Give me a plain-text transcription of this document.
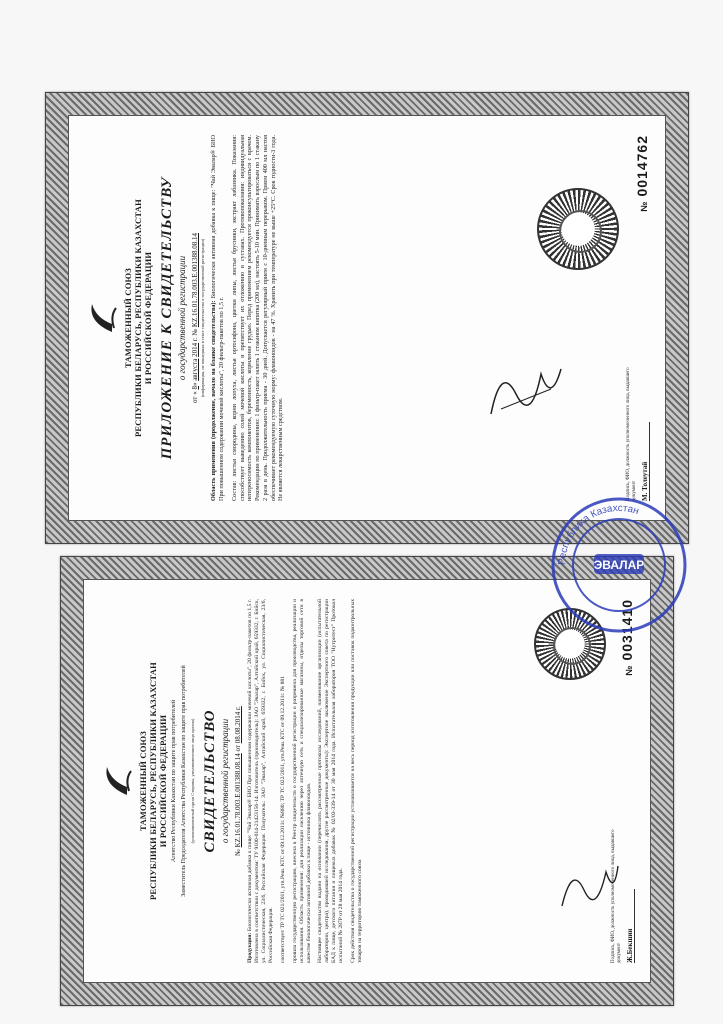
ТАМОЖЕННЫЙ СОЮЗ РЕСПУБЛИКИ БЕЛАРУСЬ, РЕСПУБЛИКИ КАЗАХСТАН И РОССИЙСКОЙ ФЕДЕРАЦИИ ПРИЛОЖЕНИЕ К СВИДЕТЕЛЬСТВУ о государственной регистрации
от « 8» августа 2014 г. № KZ.16.01.78.003.Е.001388.08.14 (информация, не вошедшая в текст свидетельства о государственной регистрации) Область применения (продолжение, начало на бланке свидетельства): Биологически активная добавка к пище: "Чай Эвалар® БИО При повышенном содержании мочевой кислоты", 20 фильтр-пакетов по 1,5 г. Состав: листья смородины, корни лопуха, листья ортосифона, цветки липы, листья брусники, экстракт лабазника. Показания: способствует выведению солей мочевой кислоты и препятствует их отложению в суставах. Противопоказания: индивидуальная непереносимость компонентов, беременность, кормление грудью. Перед применением рекомендуется проконсультироваться с врачом. Рекомендации по применению: 1 фильтр-пакет залить 1 стаканом кипятка (200 мл), настоять 5-10 мин. Принимать взрослым по 1 стакану 2 раза в день. Продолжительность приема - 30 дней. Допускается регулярный прием с 10-дневным перерывом. Прием 400 мл настоя обеспечивает рекомендуемую суточную норму: флавоноидов - на 47 %. Хранить при температуре не выше +25°С. Срок годности-3 года. Не является лекарственным средством.	Подпись, ФИО, должность уполномоченного лица, выдавшего документ М. Толеутай
№0014762
ТАМОЖЕННЫЙ СОЮЗ РЕСПУБЛИКИ БЕЛАРУСЬ, РЕСПУБЛИКИ КАЗАХСТАН И РОССИЙСКОЙ ФЕДЕРАЦИИ Агентство Республики Казахстан по защите прав потребителей Заместитель Председателя Агентства Республики Казахстан по защите прав потребителей (уполномоченный орган Стороны, уполномоченное лицо органа) СВИДЕТЕЛЬСТВО о государственной регистрации
№ KZ.16.01.78.003.Е.001388.08.14 от 08.08.2014 г.
Продукция: Биологически активная добавка к пище: "Чай Эвалар® БИО При повышенном содержании мочевой кислоты", 20 фильтр-пакетов по 1,5 г. Изготовлена в соответствии с документом: ТУ 9100-014-21423156-14. Изготовитель (производитель): ЗАО "Эвалар", Алтайский край, 659332, г. Бийск, ул. Социалистическая, 23/6, Российская Федерация. Получатель: ЗАО "Эвалар", Алтайский край, 659332, г. Бийск, ул. Социалистическая, 23/6, Российская Федерация. соответствует ТР ТС 021/2011, утв.Реш. КТС от 09.12.2011г. №880; ТР ТС 022/2011, утв.Реш. КТС от 09.12.2011г. № 881 прошла государственную регистрацию, внесена в Реестр свидетельств о государственной регистрации и разрешена для производства, реализации и использования. Область применения: для реализации населению через аптечную сеть и специализированные магазины, отделы торговой сети в качестве биологически активной добавки к пище - источника флавоноидов. Настоящее свидетельство выдано на основании (перечислить рассмотренные протоколы исследований, наименование организации (испытательной лаборатории, центра), проводившей исследования, другие рассмотренные документы): Экспертное заключение Экспертного совета по регистрации БАД к пище, детского питания и пищевых добавок № 02/03-339-14 от 30 мая 2014 года. Испытательная лаборатория ТОО "Нутритест" Протокол испытаний № 287Р от 28 мая 2014 года. Срок действия свидетельства о государственной регистрации устанавливается на весь период изготовления продукции или поставок подконтрольных товаров на территорию таможенного союза	Подпись, ФИО, должность уполномоченного лица, выдавшего документ Ж.Бекшин
№0031410
Республика Казахстан
ЭВАЛАР
